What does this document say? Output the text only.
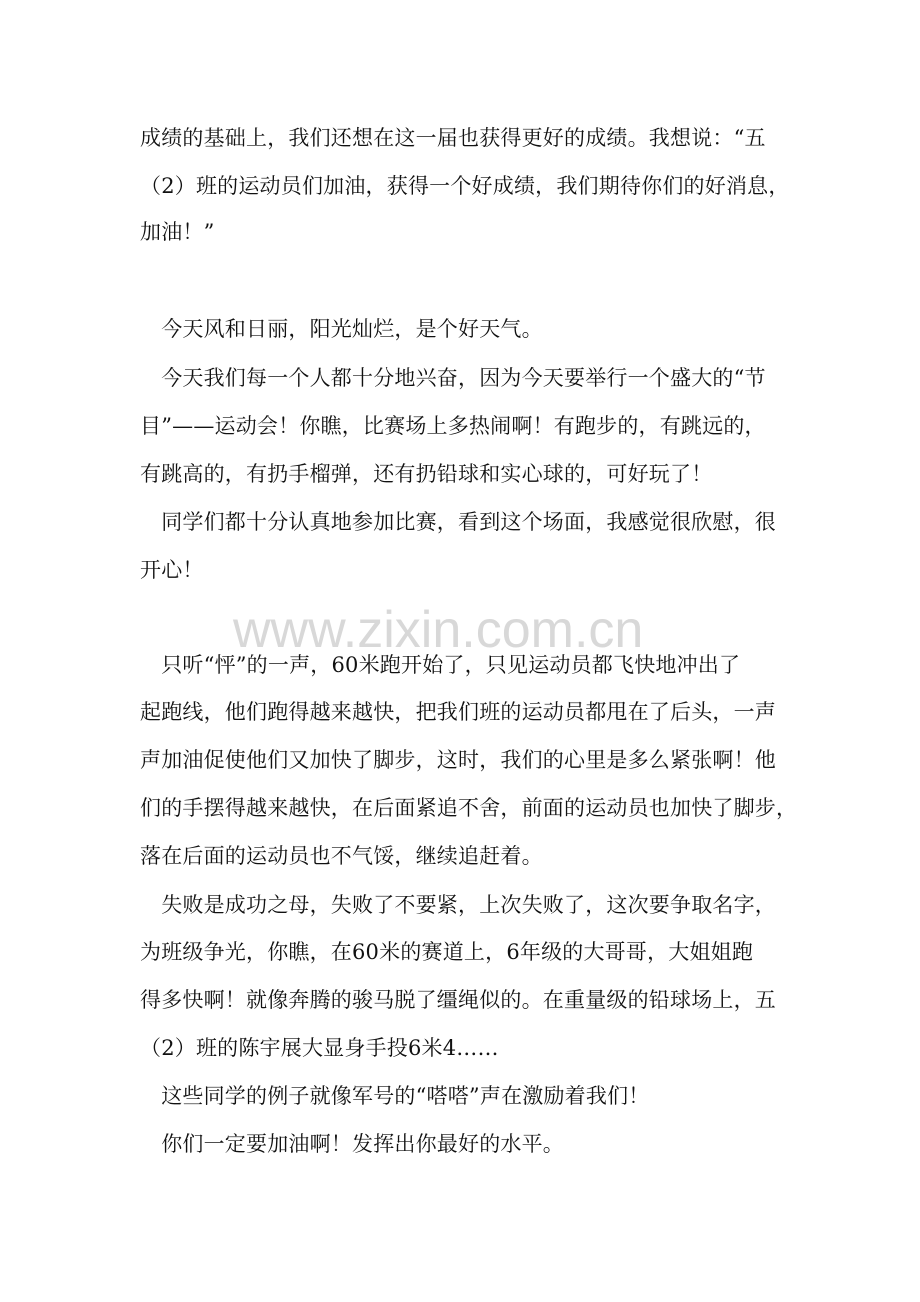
www.zixin.com.cn
成绩的基础上，我们还想在这一届也获得更好的成绩。我想说：“五
（2）班的运动员们加油，获得一个好成绩，我们期待你们的好消息，
加油！”
　今天风和日丽，阳光灿烂，是个好天气。
　今天我们每一个人都十分地兴奋，因为今天要举行一个盛大的“节
目”——运动会！你瞧，比赛场上多热闹啊！有跑步的，有跳远的，
有跳高的，有扔手榴弹，还有扔铅球和实心球的，可好玩了！
　同学们都十分认真地参加比赛，看到这个场面，我感觉很欣慰，很
开心！
　只听“怦”的一声，60米跑开始了，只见运动员都飞快地冲出了
起跑线，他们跑得越来越快，把我们班的运动员都甩在了后头，一声
声加油促使他们又加快了脚步，这时，我们的心里是多么紧张啊！他
们的手摆得越来越快，在后面紧追不舍，前面的运动员也加快了脚步，
落在后面的运动员也不气馁，继续追赶着。
　失败是成功之母，失败了不要紧，上次失败了，这次要争取名字，
为班级争光，你瞧，在60米的赛道上，6年级的大哥哥，大姐姐跑
得多快啊！就像奔腾的骏马脱了缰绳似的。在重量级的铅球场上，五
（2）班的陈宇展大显身手投6米4……
　这些同学的例子就像军号的“嗒嗒”声在激励着我们！
　你们一定要加油啊！发挥出你最好的水平。
